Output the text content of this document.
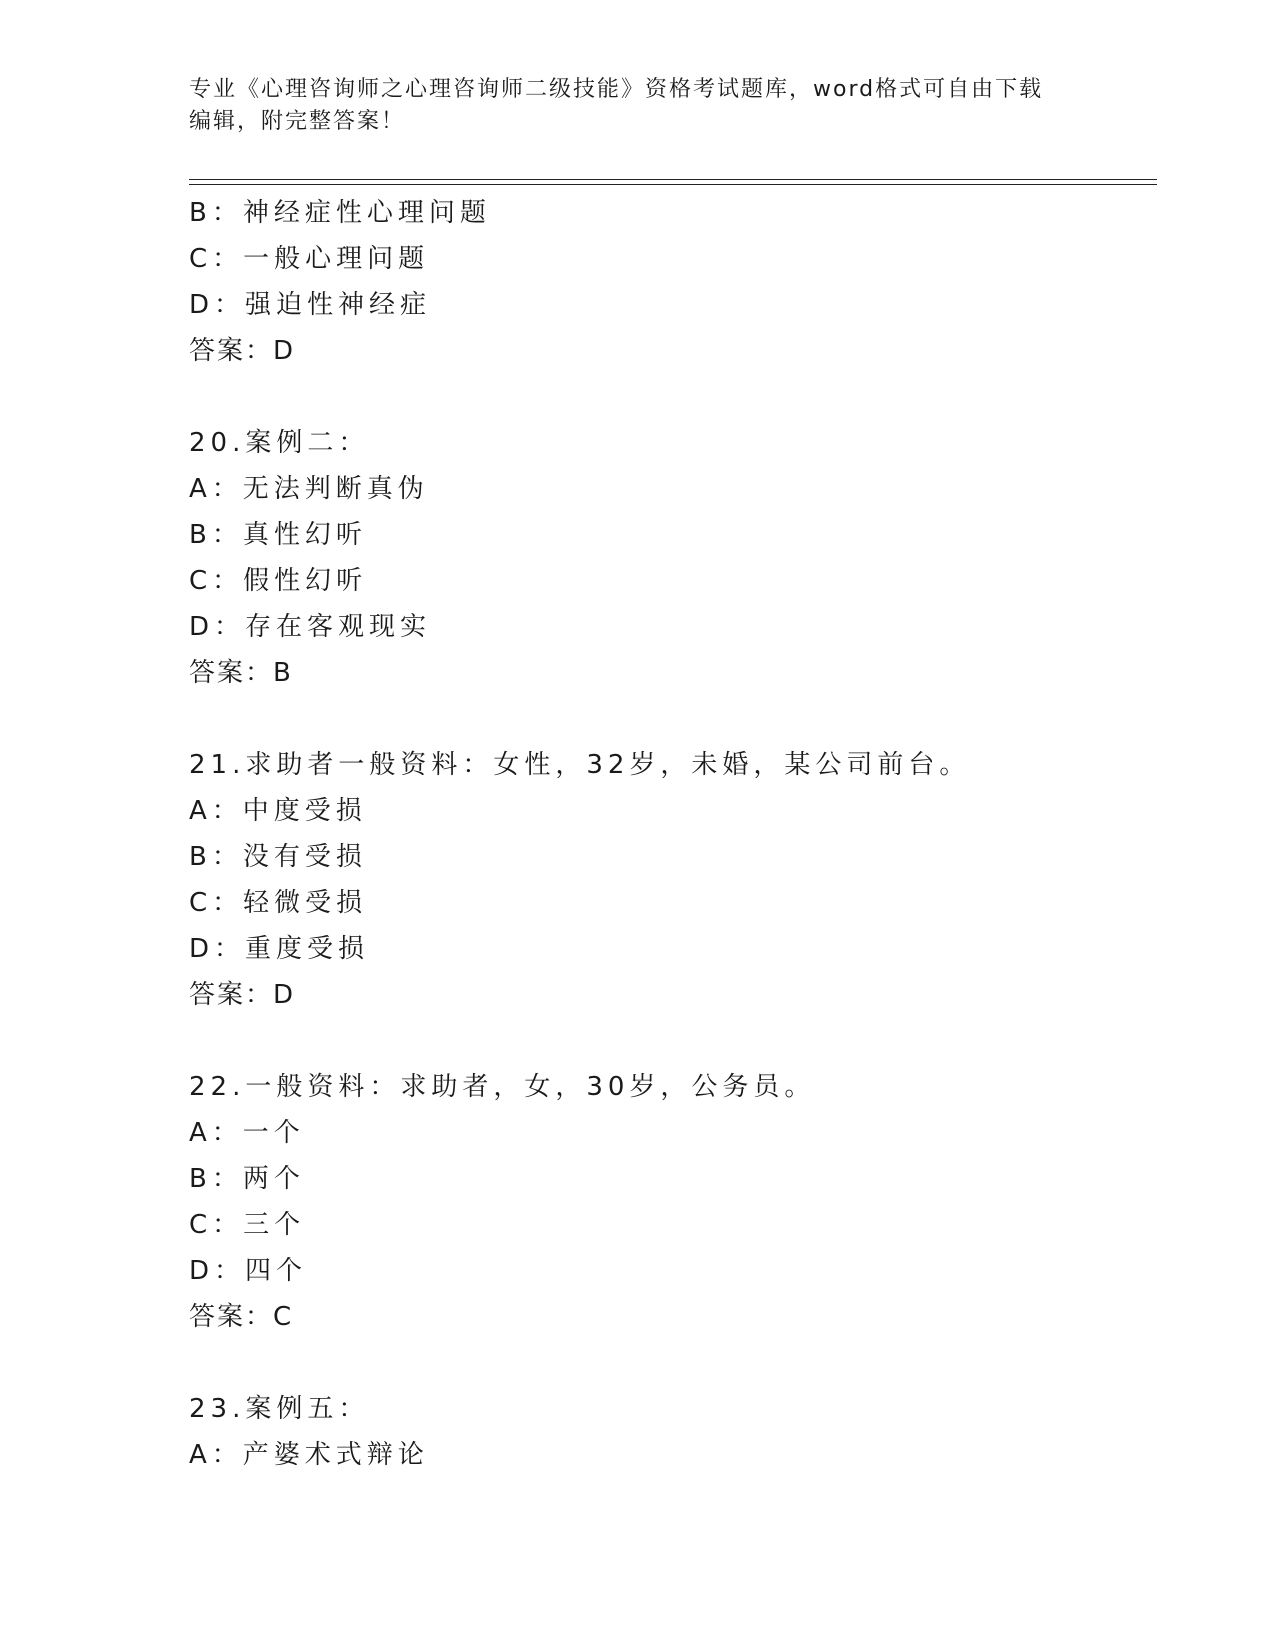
专业《心理咨询师之心理咨询师二级技能》资格考试题库，word格式可自由下载
编辑，附完整答案！
B：神经症性心理问题
C：一般心理问题
D：强迫性神经症
答案：D
20.案例二：
A：无法判断真伪
B：真性幻听
C：假性幻听
D：存在客观现实
答案：B
21.求助者一般资料：女性，32岁，未婚，某公司前台。
A：中度受损
B：没有受损
C：轻微受损
D：重度受损
答案：D
22.一般资料：求助者，女，30岁，公务员。
A：一个
B：两个
C：三个
D：四个
答案：C
23.案例五：
A：产婆术式辩论
